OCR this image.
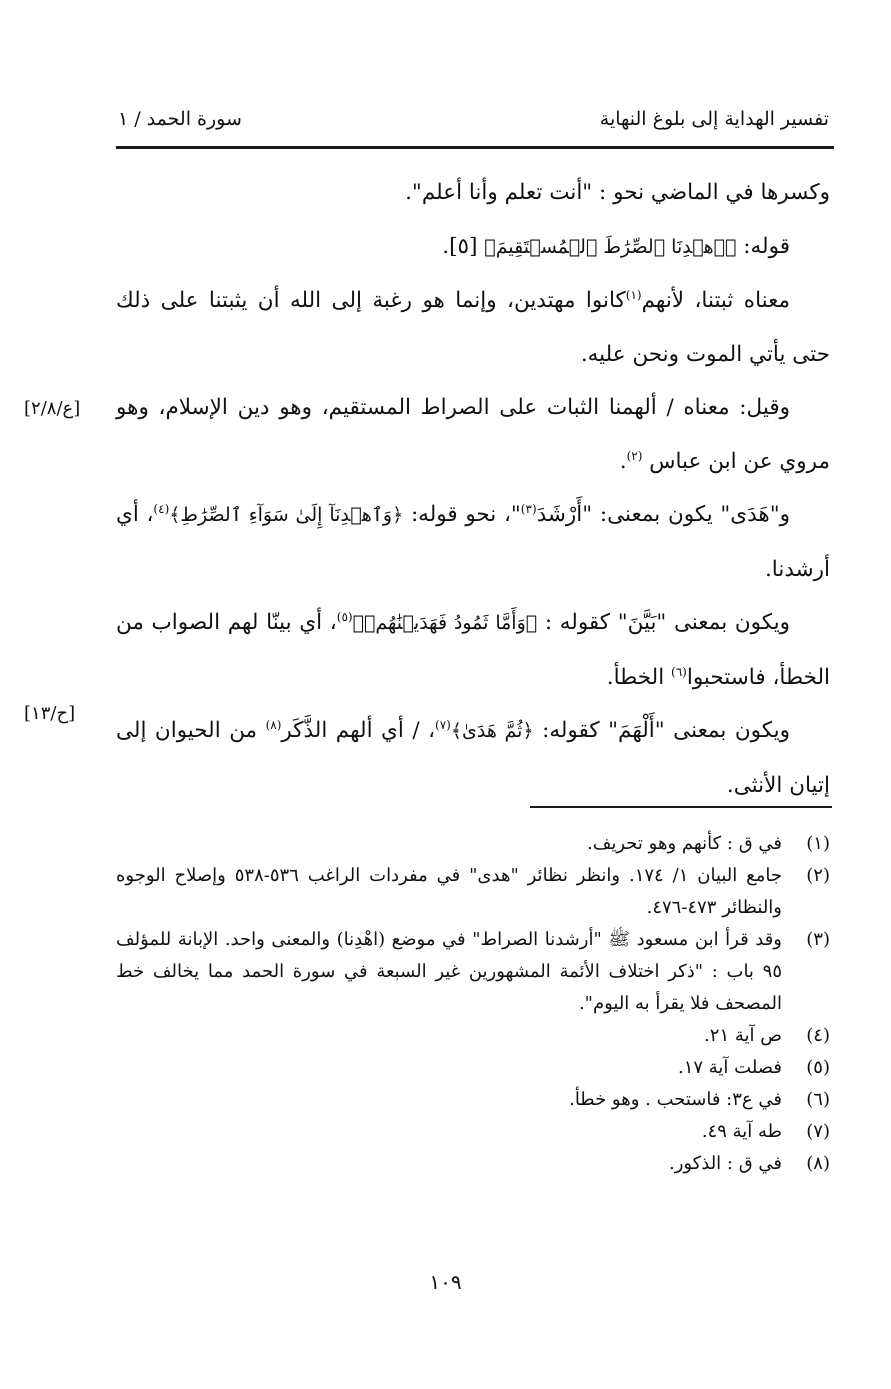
تفسير الهداية إلى بلوغ النهاية
سورة الحمد / ١
[ع/٢/٨]
[ح/١٣]

وكسرها في الماضي نحو : "أنت تعلم وأنا أعلم".

قوله: ﴿ٱهۡدِنَا ٱلصِّرَٰطَ ٱلۡمُسۡتَقِيمَ﴾ [٥].

معناه ثبتنا، لأنهم$^{(١)}$كانوا مهتدين، وإنما هو رغبة إلى الله أن يثبتنا على ذلك حتى يأتي الموت ونحن عليه.

وقيل: معناه / ألهمنا الثبات على الصراط المستقيم، وهو دين الإسلام، وهو مروي عن ابن عباس $^{(٢)}$.

و"هَدَى" يكون بمعنى: "أَرْشَدَ$^{(٣)}$"، نحو قوله: ﴿وَٱهۡدِنَآ إِلَىٰ سَوَآءِ ٱلصِّرَٰطِ﴾$^{(٤)}$، أي أرشدنا.

ويكون بمعنى "بَيَّنَ" كقوله : ﴿وَأَمَّا ثَمُودُ فَهَدَيۡنَٰهُمۡ﴾$^{(٥)}$، أي بينّا لهم الصواب من الخطأ، فاستحبوا$^{(٦)}$ الخطأ.

ويكون بمعنى "أَلْهَمَ" كقوله: ﴿ثُمَّ هَدَىٰ﴾$^{(٧)}$، / أي ألهم الذَّكَر$^{(٨)}$ من الحيوان إلى إتيان الأنثى.

(١)
في ق : كأنهم وهو تحريف.
(٢)
جامع البيان ١/ ١٧٤. وانظر نظائر "هدى" في مفردات الراغب ٥٣٦-٥٣٨ وإصلاح الوجوه والنظائر ٤٧٣-٤٧٦.
(٣)
وقد قرأ ابن مسعود ﷺ "أرشدنا الصراط" في موضع (اهْدِنا) والمعنى واحد. الإبانة للمؤلف ٩٥ باب : "ذكر اختلاف الأئمة المشهورين غير السبعة في سورة الحمد مما يخالف خط المصحف فلا يقرأ به اليوم".
(٤)
ص آية ٢١.
(٥)
فصلت آية ١٧.
(٦)
في ع٣: فاستحب . وهو خطأ.
(٧)
طه آية ٤٩.
(٨)
في ق : الذكور.
١٠٩
